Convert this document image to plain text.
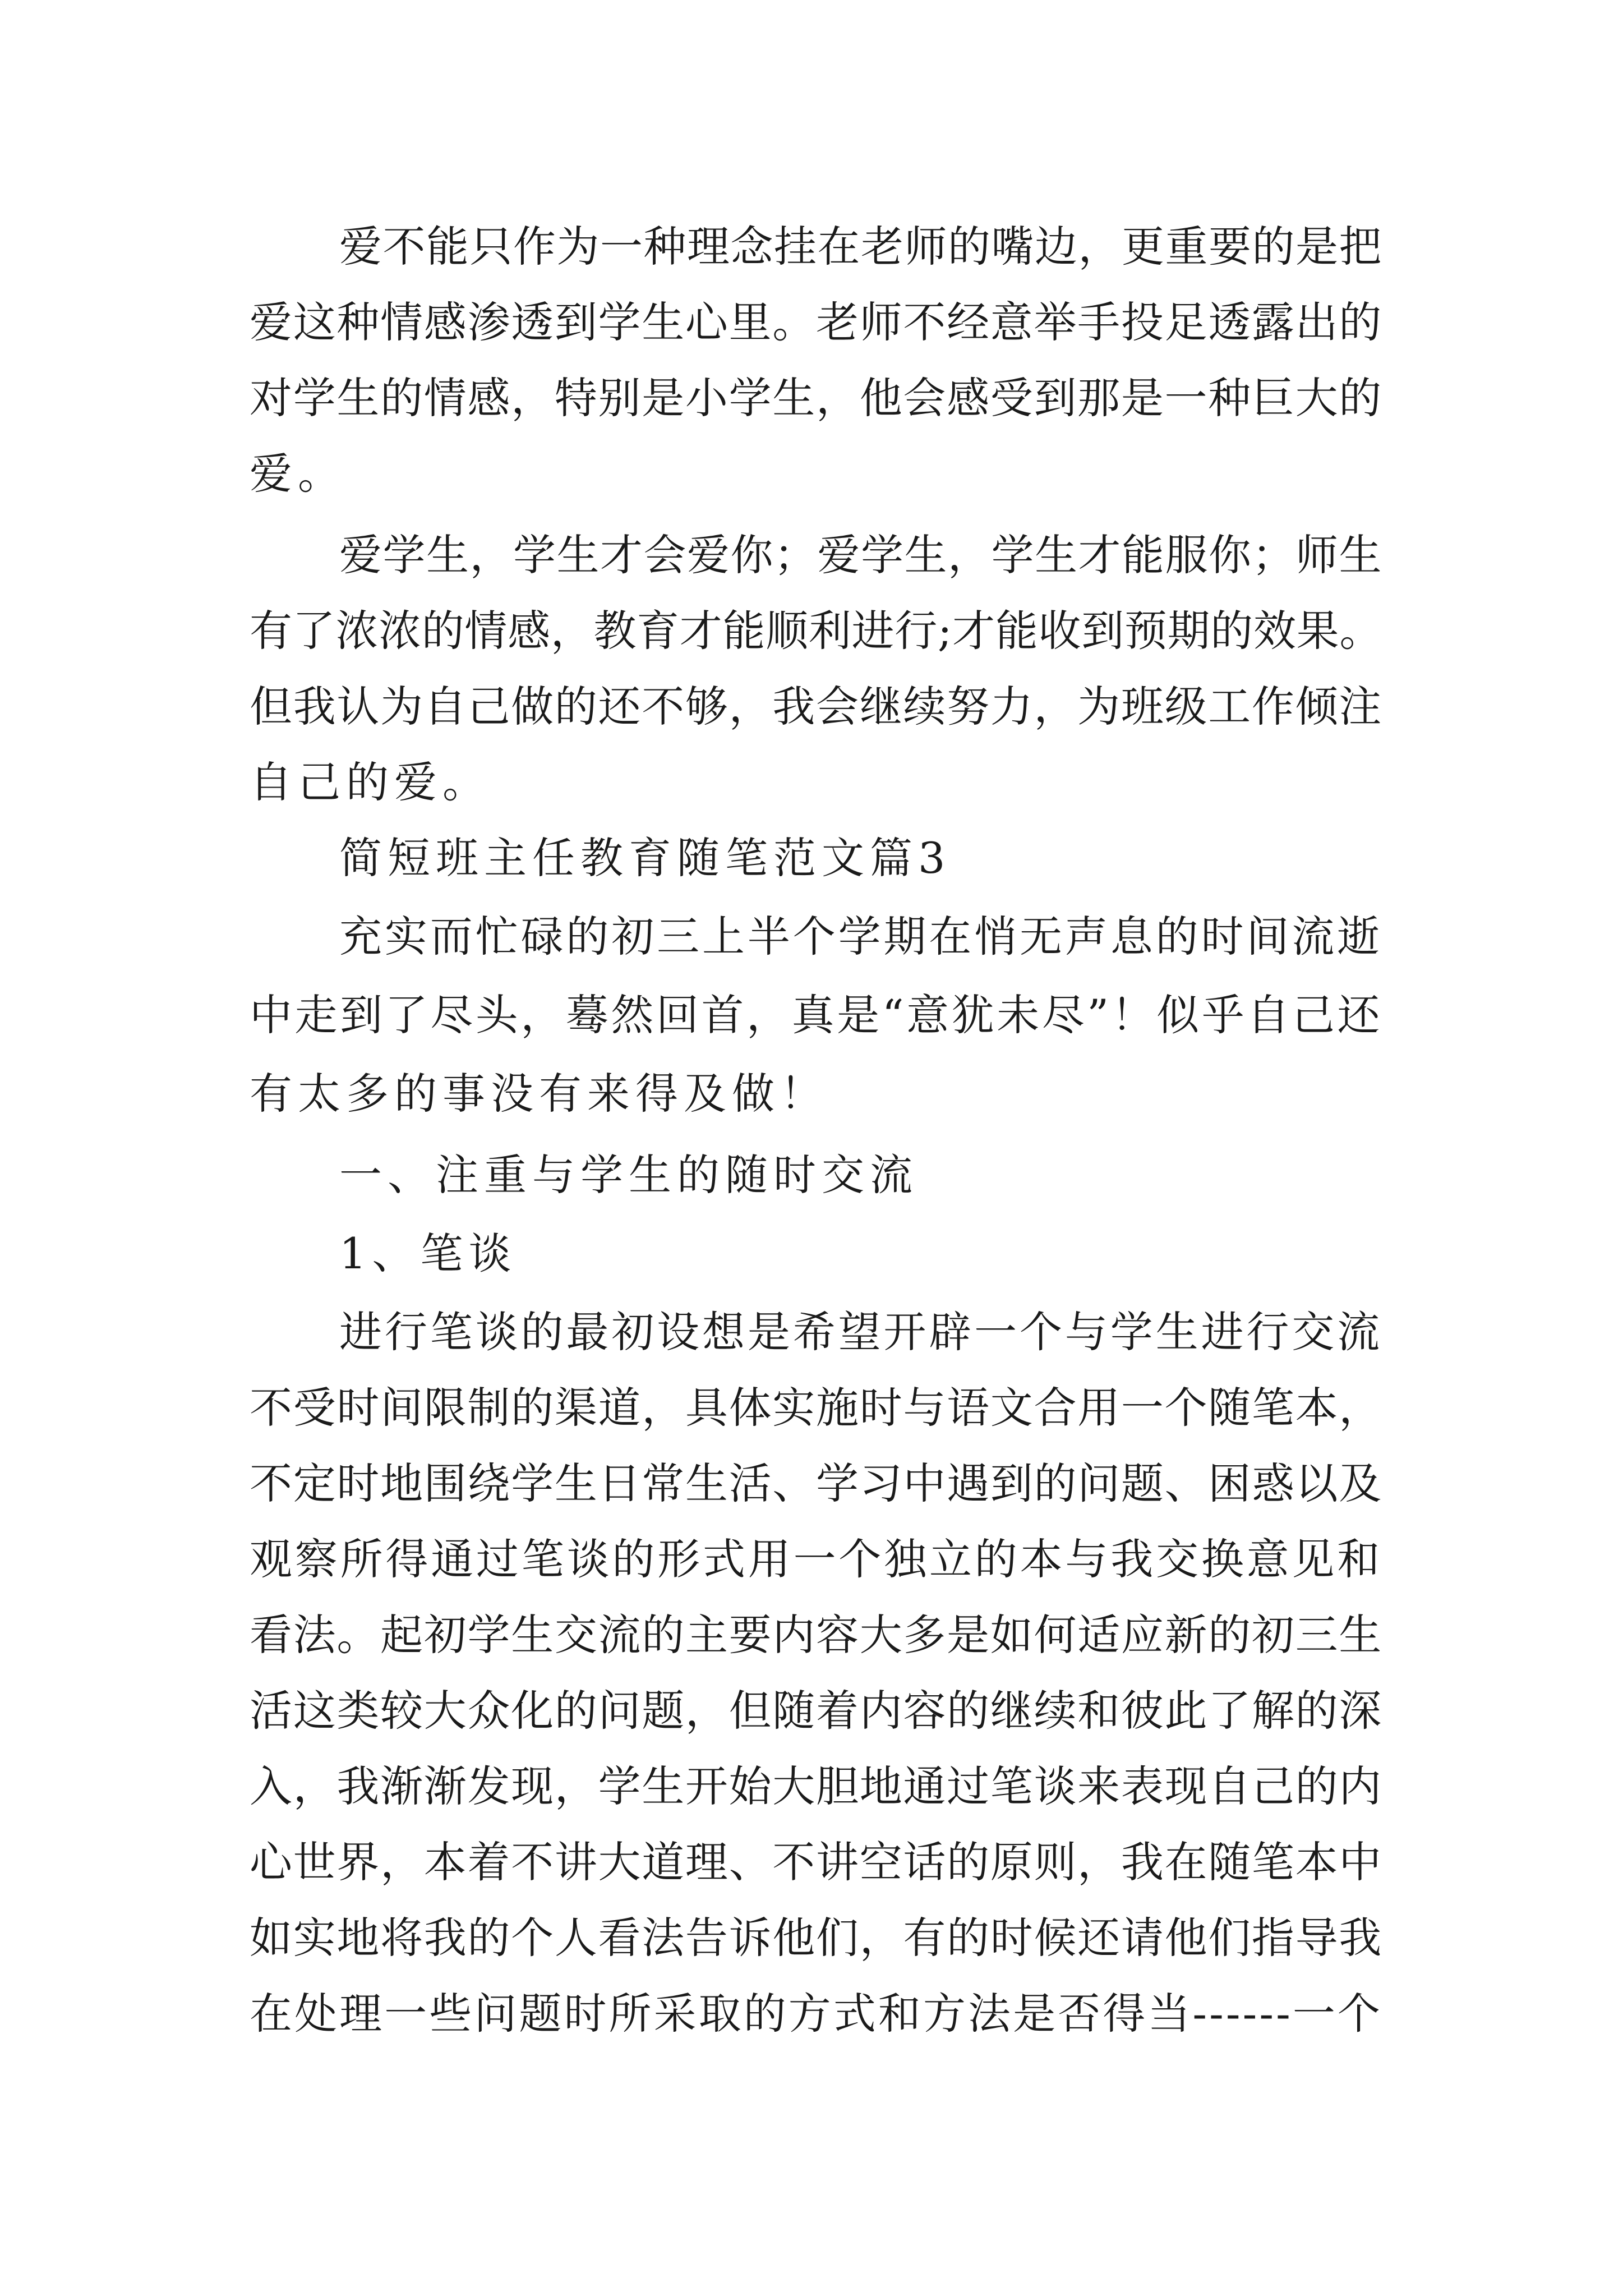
爱不能只作为一种理念挂在老师的嘴边，更重要的是把
爱这种情感渗透到学生心里。老师不经意举手投足透露出的
对学生的情感，特别是小学生，他会感受到那是一种巨大的
爱。
爱学生，学生才会爱你；爱学生，学生才能服你；师生
有了浓浓的情感，教育才能顺利进行;才能收到预期的效果。
但我认为自己做的还不够，我会继续努力，为班级工作倾注
自己的爱。
简短班主任教育随笔范文篇3
充实而忙碌的初三上半个学期在悄无声息的时间流逝
中走到了尽头，蓦然回首，真是“意犹未尽”！似乎自己还
有太多的事没有来得及做！
一、注重与学生的随时交流
1、笔谈
进行笔谈的最初设想是希望开辟一个与学生进行交流
不受时间限制的渠道，具体实施时与语文合用一个随笔本，
不定时地围绕学生日常生活、学习中遇到的问题、困惑以及
观察所得通过笔谈的形式用一个独立的本与我交换意见和
看法。起初学生交流的主要内容大多是如何适应新的初三生
活这类较大众化的问题，但随着内容的继续和彼此了解的深
入，我渐渐发现，学生开始大胆地通过笔谈来表现自己的内
心世界，本着不讲大道理、不讲空话的原则，我在随笔本中
如实地将我的个人看法告诉他们，有的时候还请他们指导我
在处理一些问题时所采取的方式和方法是否得当------一个
